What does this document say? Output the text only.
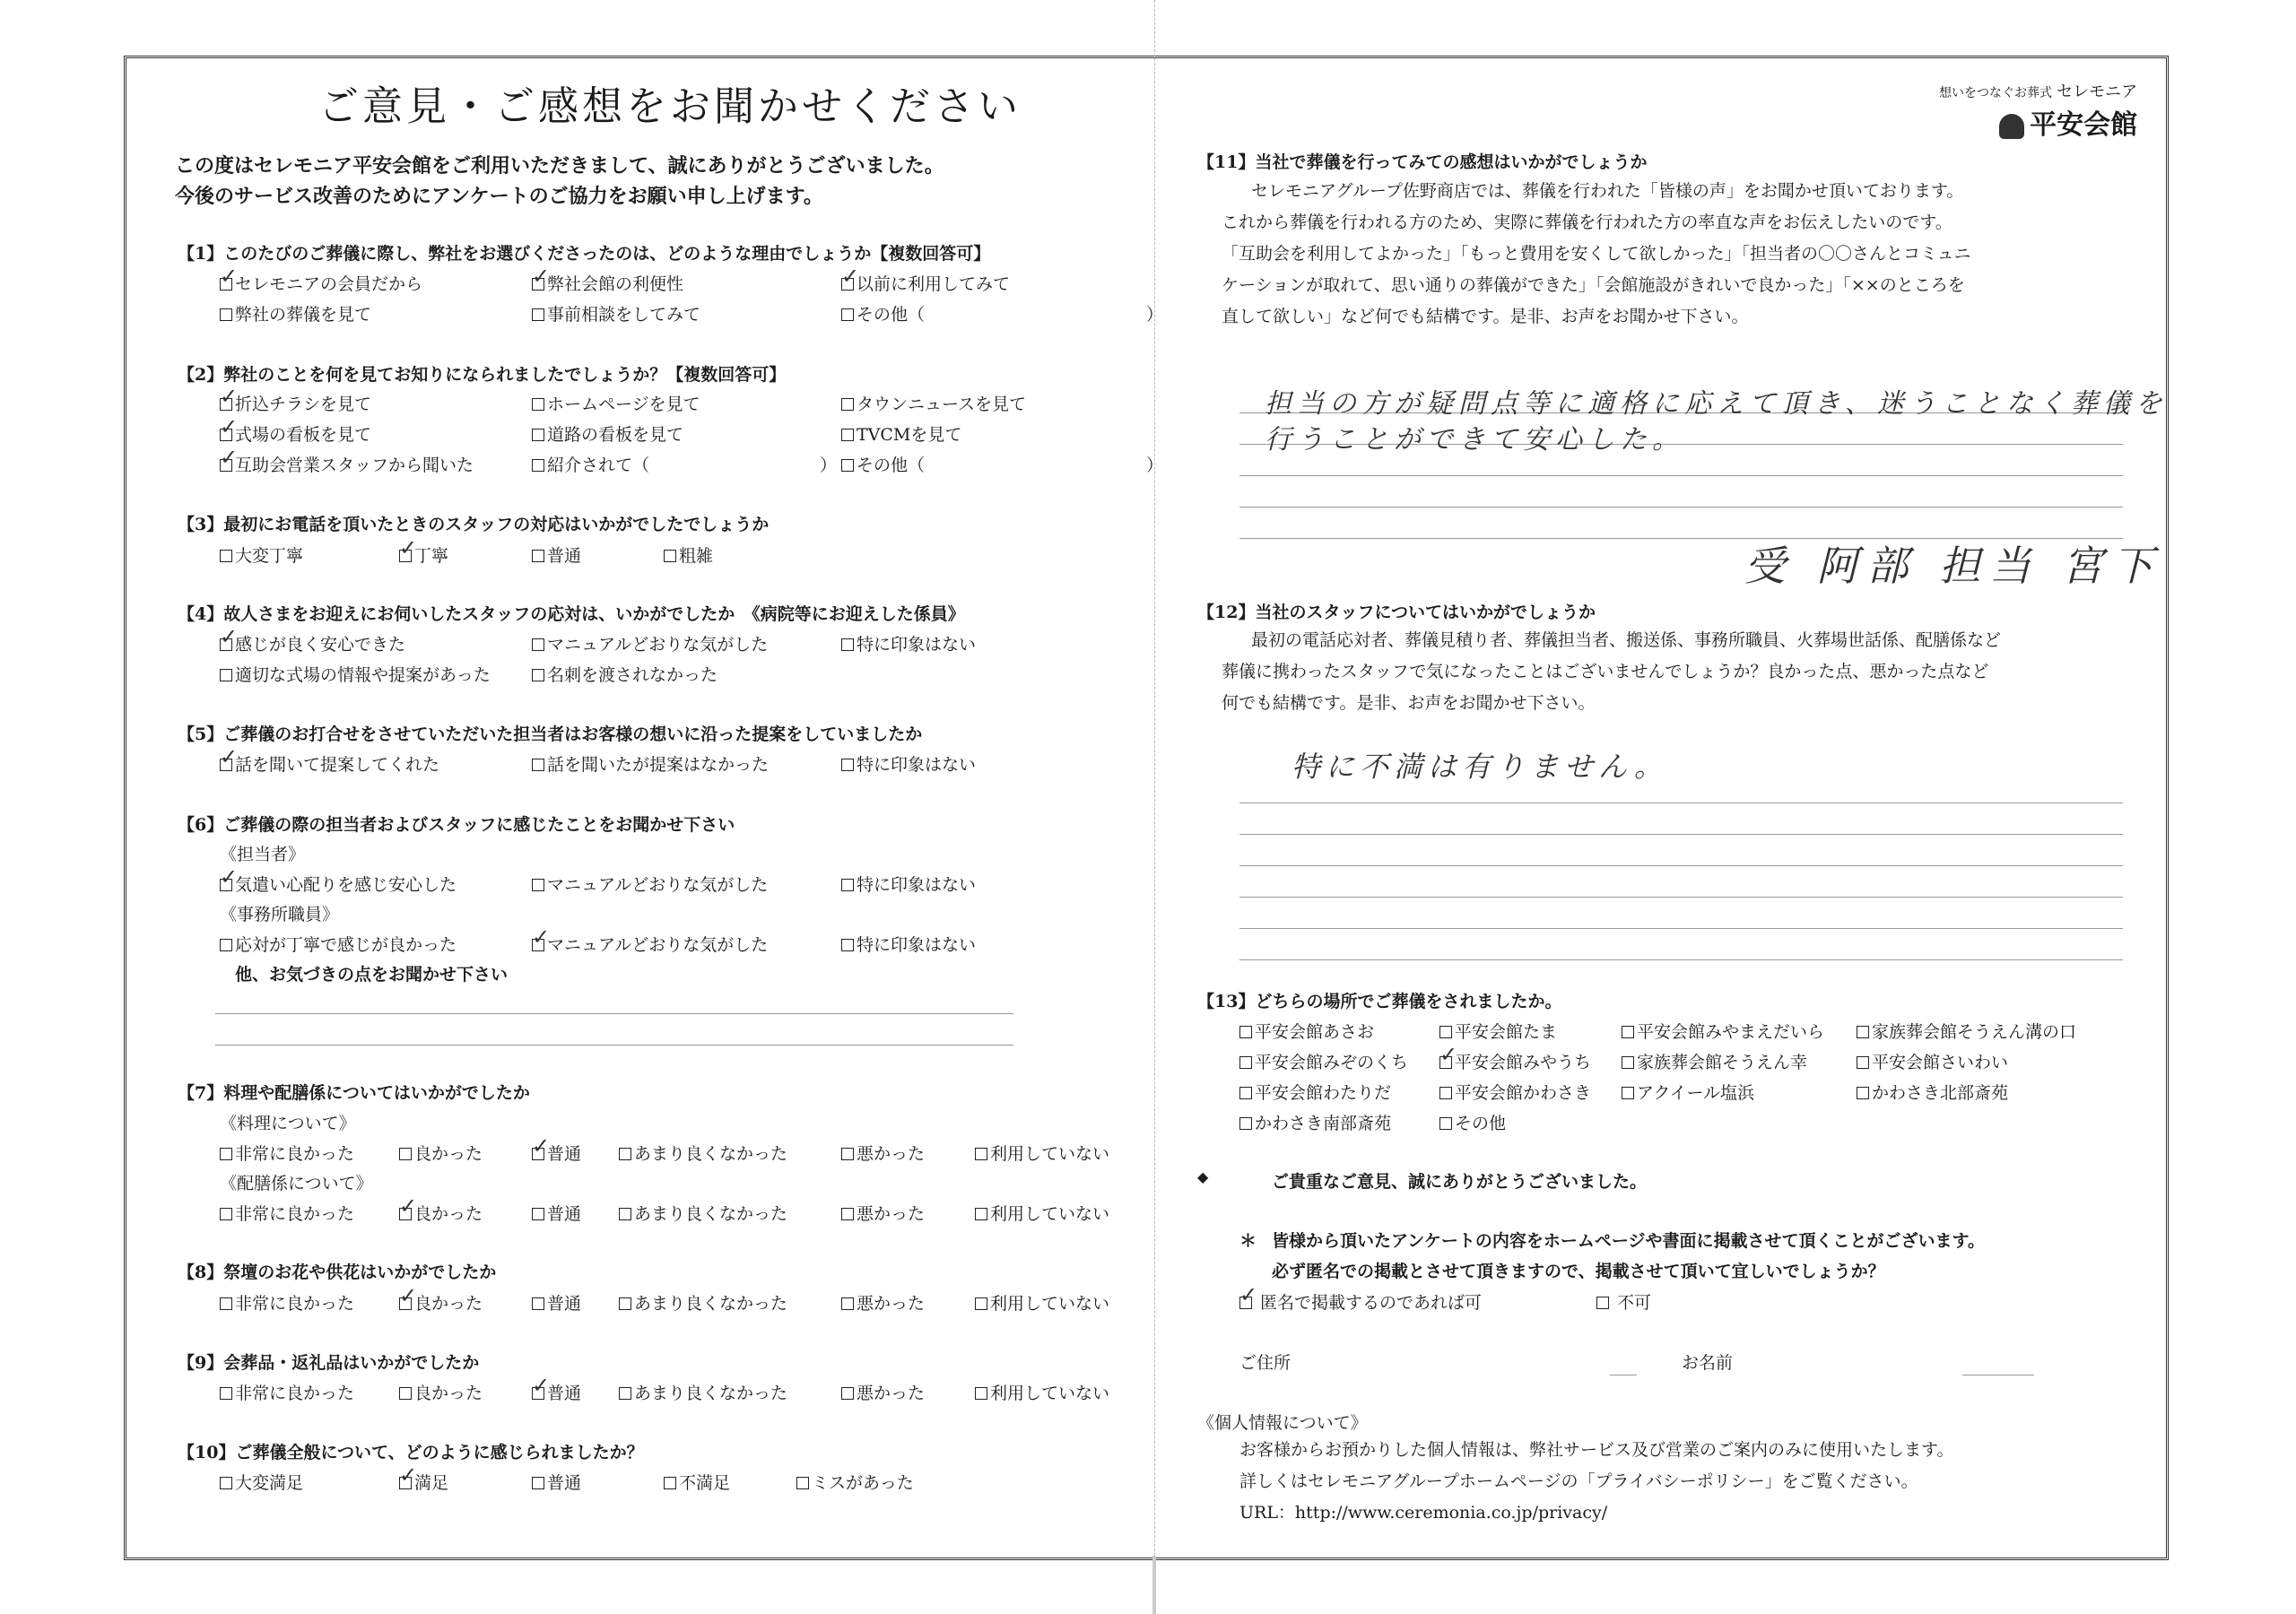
ご意見・ご感想をお聞かせください
この度はセレモニア平安会館をご利用いただきまして、誠にありがとうございました。
今後のサービス改善のためにアンケートのご協力をお願い申し上げます。
想いをつなぐお葬式 セレモニア
平安会館
【1】このたびのご葬儀に際し、弊社をお選びくださったのは、どのような理由でしょうか【複数回答可】
✓セレモニアの会員だから ✓	弊社会館の利便性 ✓	以前に利用してみて
弊社の葬儀を見て	事前相談をしてみて	その他（　　　　　　　　　　　　　）
【2】弊社のことを何を見てお知りになられましたでしょうか？【複数回答可】
✓折込チラシを見て	ホームページを見て	タウンニュースを見て
✓式場の看板を見て	道路の看板を見て	TVCMを見て
✓互助会営業スタッフから聞いた	紹介されて（　　　　　　　　　　）	その他（　　　　　　　　　　　　　）
【3】最初にお電話を頂いたときのスタッフの対応はいかがでしたでしょうか
大変丁寧 ✓	丁寧	普通	粗雑
【4】故人さまをお迎えにお伺いしたスタッフの応対は、いかがでしたか　《病院等にお迎えした係員》
✓感じが良く安心できた	マニュアルどおりな気がした	特に印象はない
適切な式場の情報や提案があった	名刺を渡されなかった
【5】ご葬儀のお打合せをさせていただいた担当者はお客様の想いに沿った提案をしていましたか
✓話を聞いて提案してくれた	話を聞いたが提案はなかった	特に印象はない
【6】ご葬儀の際の担当者およびスタッフに感じたことをお聞かせ下さい
《担当者》
✓気遣い心配りを感じ安心した	マニュアルどおりな気がした	特に印象はない
《事務所職員》
応対が丁寧で感じが良かった ✓	マニュアルどおりな気がした	特に印象はない
他、お気づきの点をお聞かせ下さい
【7】料理や配膳係についてはいかがでしたか
《料理について》
非常に良かった	良かった ✓	普通	あまり良くなかった	悪かった	利用していない
《配膳係について》
非常に良かった ✓	良かった	普通	あまり良くなかった	悪かった	利用していない
【8】祭壇のお花や供花はいかがでしたか
非常に良かった ✓	良かった	普通	あまり良くなかった	悪かった	利用していない
【9】会葬品・返礼品はいかがでしたか
非常に良かった	良かった ✓	普通	あまり良くなかった	悪かった	利用していない
【10】ご葬儀全般について、どのように感じられましたか？
大変満足 ✓	満足	普通	不満足	ミスがあった
【11】当社で葬儀を行ってみての感想はいかがでしょうか
セレモニアグループ佐野商店では、葬儀を行われた「皆様の声」をお聞かせ頂いております。
これから葬儀を行われる方のため、実際に葬儀を行われた方の率直な声をお伝えしたいのです。
「互助会を利用してよかった」「もっと費用を安くして欲しかった」「担当者の〇〇さんとコミュニ
ケーションが取れて、思い通りの葬儀ができた」「会館施設がきれいで良かった」「××のところを
直して欲しい」など何でも結構です。是非、お声をお聞かせ下さい。
担当の方が疑問点等に適格に応えて頂き、迷うことなく葬儀を
行うことができて安心した。
受 阿部 担当 宮下
【12】当社のスタッフについてはいかがでしょうか
最初の電話応対者、葬儀見積り者、葬儀担当者、搬送係、事務所職員、火葬場世話係、配膳係など
葬儀に携わったスタッフで気になったことはございませんでしょうか？良かった点、悪かった点など
何でも結構です。是非、お声をお聞かせ下さい。
特に不満は有りません。
【13】どちらの場所でご葬儀をされましたか。
平安会館あさお	平安会館たま	平安会館みやまえだいら	家族葬会館そうえん溝の口
平安会館みぞのくち ✓	平安会館みやうち	家族葬会館そうえん幸	平安会館さいわい
平安会館わたりだ	平安会館かわさき	アクイール塩浜	かわさき北部斎苑
かわさき南部斎苑	その他
◆	ご貴重なご意見、誠にありがとうございました。
＊ 皆様から頂いたアンケートの内容をホームページや書面に掲載させて頂くことがございます。
必ず匿名での掲載とさせて頂きますので、掲載させて頂いて宜しいでしょうか？
✓ 匿名で掲載するのであれば可	不可
ご住所	お名前
《個人情報について》
お客様からお預かりした個人情報は、弊社サービス及び営業のご案内のみに使用いたします。
詳しくはセレモニアグループホームページの「プライバシーポリシー」をご覧ください。
URL：http://www.ceremonia.co.jp/privacy/
